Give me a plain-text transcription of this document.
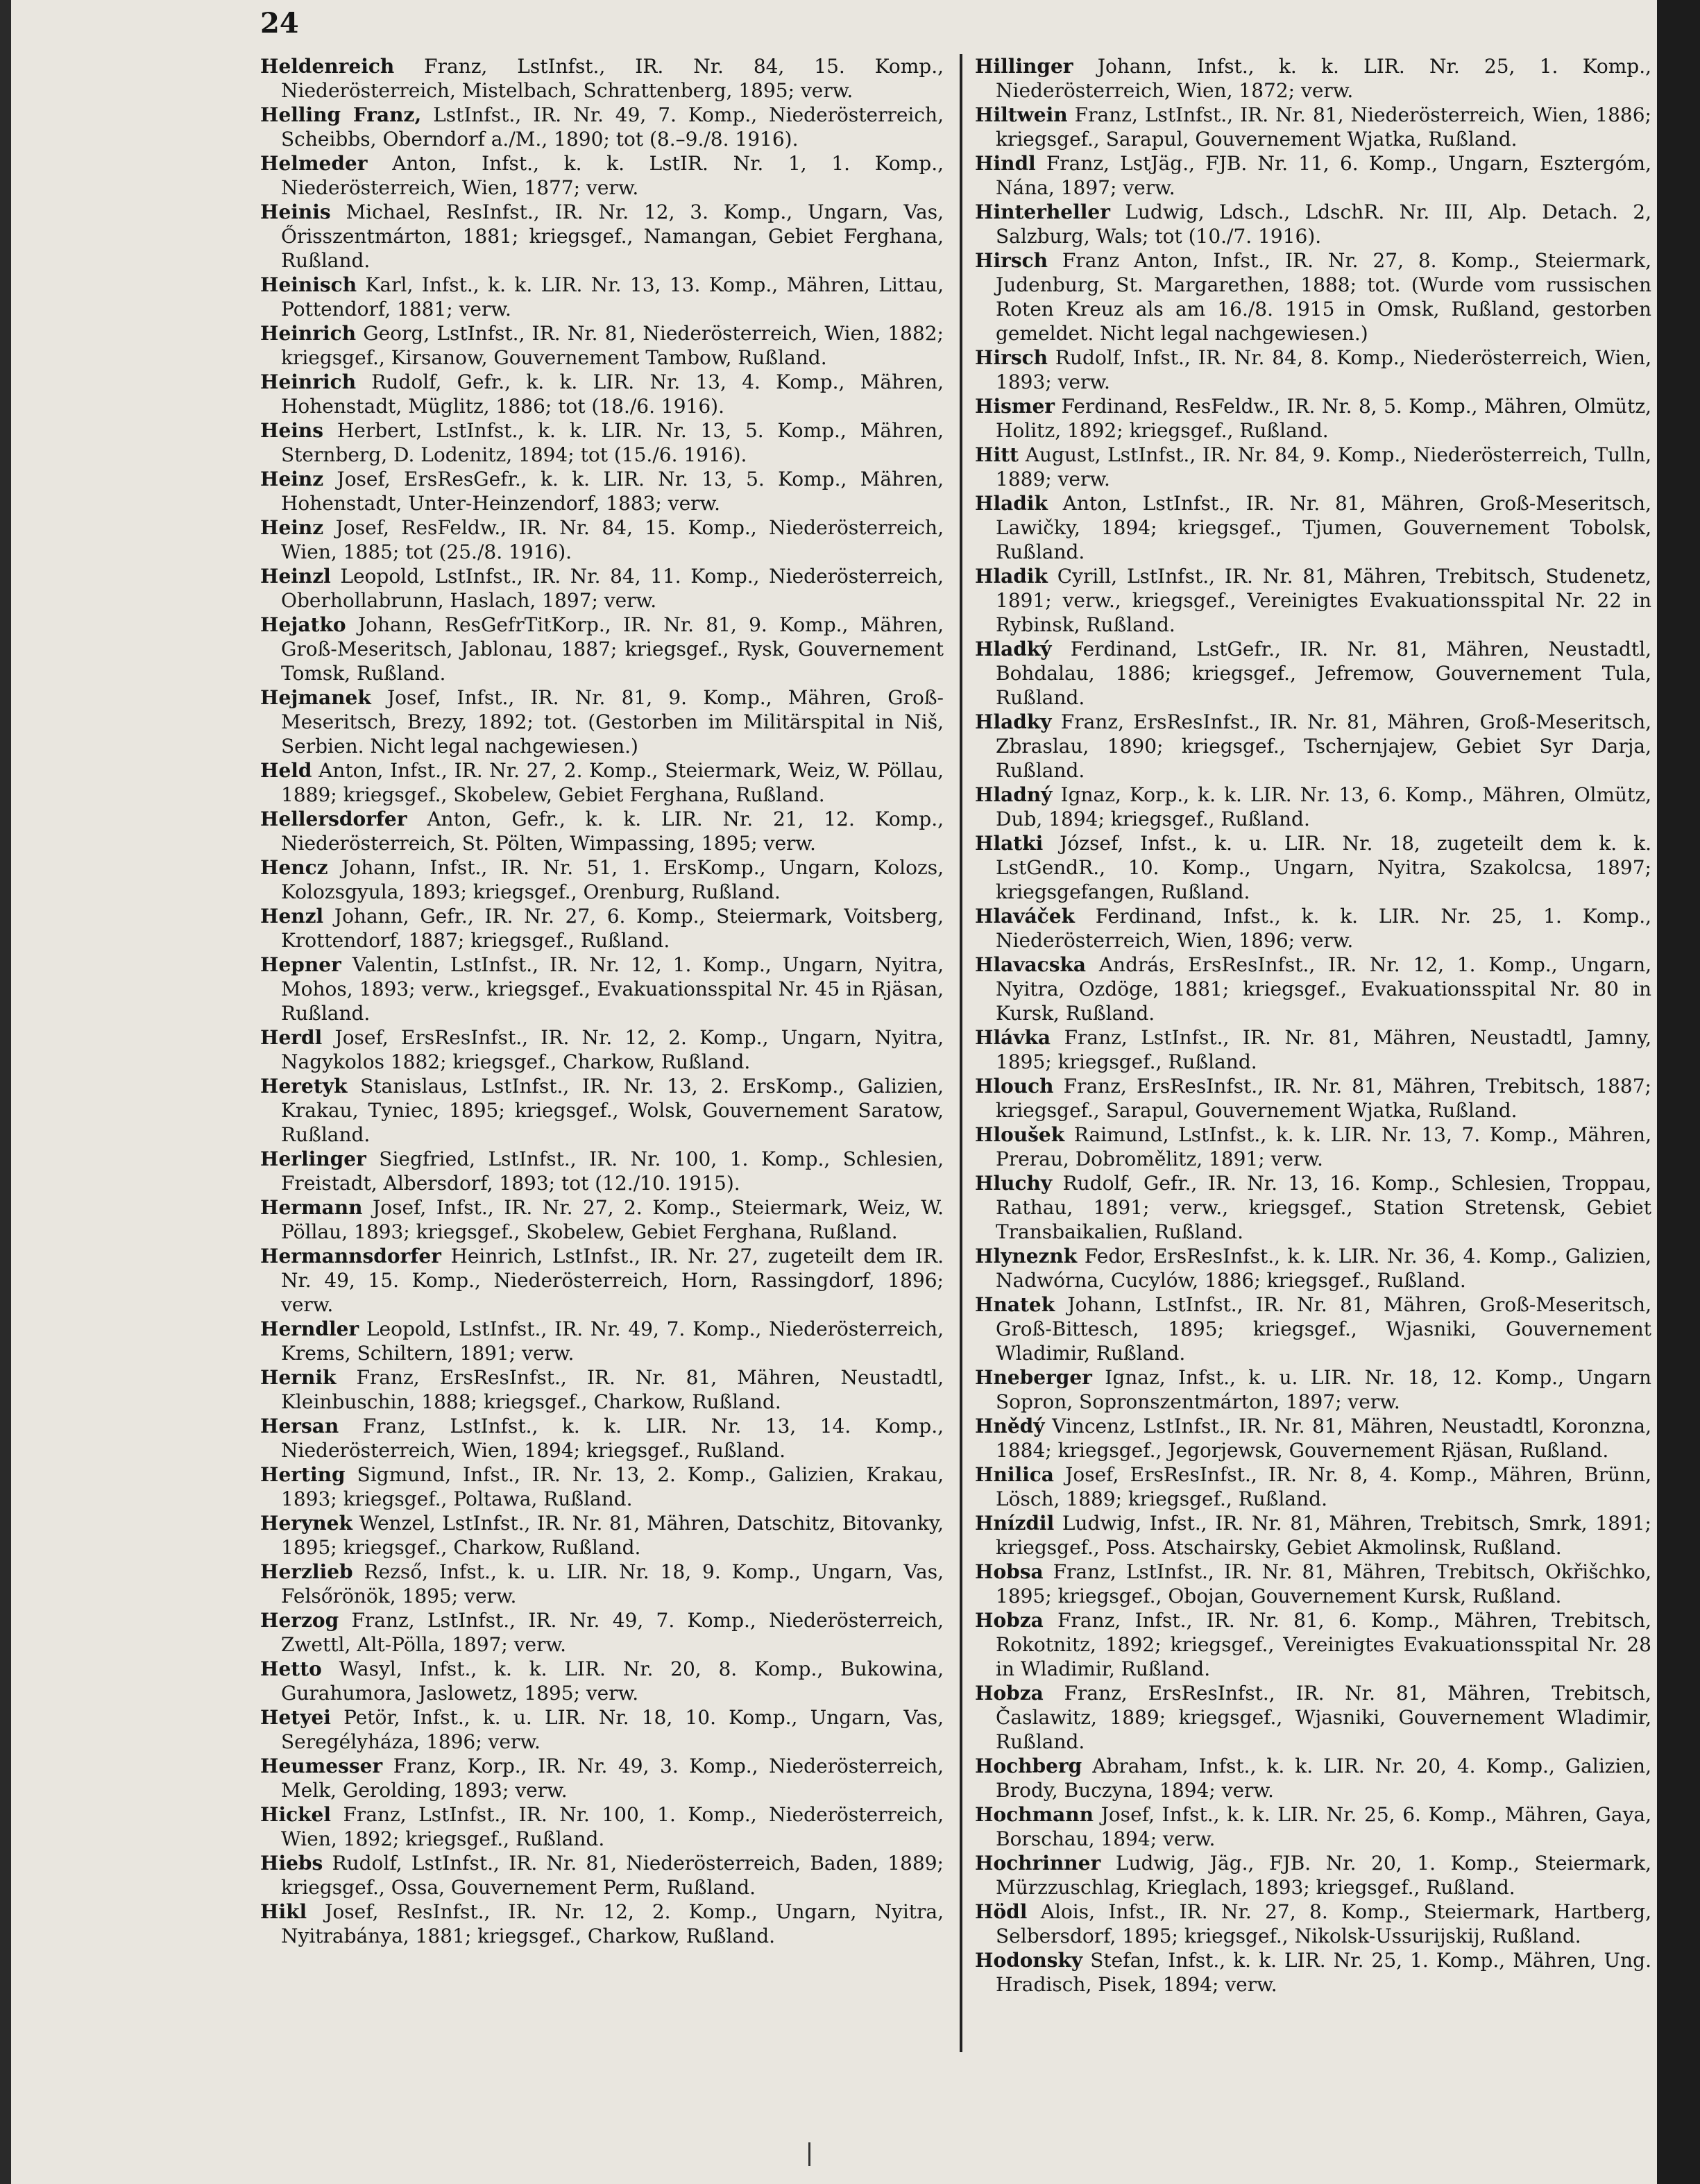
24

Heldenreich Franz, LstInfst., IR. Nr. 84, 15. Komp., Niederösterreich, Mistelbach, Schrattenberg, 1895; verw.

Helling Franz, LstInfst., IR. Nr. 49, 7. Komp., Niederösterreich, Scheibbs, Oberndorf a./M., 1890; tot (8.–9./8. 1916).

Helmeder Anton, Infst., k. k. LstIR. Nr. 1, 1. Komp., Niederösterreich, Wien, 1877; verw.

Heinis Michael, ResInfst., IR. Nr. 12, 3. Komp., Ungarn, Vas, Őrisszentmárton, 1881; kriegsgef., Namangan, Gebiet Ferghana, Rußland.

Heinisch Karl, Infst., k. k. LIR. Nr. 13, 13. Komp., Mähren, Littau, Pottendorf, 1881; verw.

Heinrich Georg, LstInfst., IR. Nr. 81, Niederösterreich, Wien, 1882; kriegsgef., Kirsanow, Gouvernement Tambow, Rußland.

Heinrich Rudolf, Gefr., k. k. LIR. Nr. 13, 4. Komp., Mähren, Hohenstadt, Müglitz, 1886; tot (18./6. 1916).

Heins Herbert, LstInfst., k. k. LIR. Nr. 13, 5. Komp., Mähren, Sternberg, D. Lodenitz, 1894; tot (15./6. 1916).

Heinz Josef, ErsResGefr., k. k. LIR. Nr. 13, 5. Komp., Mähren, Hohenstadt, Unter-Heinzendorf, 1883; verw.

Heinz Josef, ResFeldw., IR. Nr. 84, 15. Komp., Niederösterreich, Wien, 1885; tot (25./8. 1916).

Heinzl Leopold, LstInfst., IR. Nr. 84, 11. Komp., Niederösterreich, Oberhollabrunn, Haslach, 1897; verw.

Hejatko Johann, ResGefrTitKorp., IR. Nr. 81, 9. Komp., Mähren, Groß-Meseritsch, Jablonau, 1887; kriegsgef., Rysk, Gouvernement Tomsk, Rußland.

Hejmanek Josef, Infst., IR. Nr. 81, 9. Komp., Mähren, Groß-Meseritsch, Brezy, 1892; tot. (Gestorben im Militärspital in Niš, Serbien. Nicht legal nachgewiesen.)

Held Anton, Infst., IR. Nr. 27, 2. Komp., Steiermark, Weiz, W. Pöllau, 1889; kriegsgef., Skobelew, Gebiet Ferghana, Rußland.

Hellersdorfer Anton, Gefr., k. k. LIR. Nr. 21, 12. Komp., Niederösterreich, St. Pölten, Wimpassing, 1895; verw.

Hencz Johann, Infst., IR. Nr. 51, 1. ErsKomp., Ungarn, Kolozs, Kolozsgyula, 1893; kriegsgef., Orenburg, Rußland.

Henzl Johann, Gefr., IR. Nr. 27, 6. Komp., Steiermark, Voitsberg, Krottendorf, 1887; kriegsgef., Rußland.

Hepner Valentin, LstInfst., IR. Nr. 12, 1. Komp., Ungarn, Nyitra, Mohos, 1893; verw., kriegsgef., Evakuationsspital Nr. 45 in Rjäsan, Rußland.

Herdl Josef, ErsResInfst., IR. Nr. 12, 2. Komp., Ungarn, Nyitra, Nagykolos 1882; kriegsgef., Charkow, Rußland.

Heretyk Stanislaus, LstInfst., IR. Nr. 13, 2. ErsKomp., Galizien, Krakau, Tyniec, 1895; kriegsgef., Wolsk, Gouvernement Saratow, Rußland.

Herlinger Siegfried, LstInfst., IR. Nr. 100, 1. Komp., Schlesien, Freistadt, Albersdorf, 1893; tot (12./10. 1915).

Hermann Josef, Infst., IR. Nr. 27, 2. Komp., Steiermark, Weiz, W. Pöllau, 1893; kriegsgef., Skobelew, Gebiet Ferghana, Rußland.

Hermannsdorfer Heinrich, LstInfst., IR. Nr. 27, zugeteilt dem IR. Nr. 49, 15. Komp., Niederösterreich, Horn, Rassingdorf, 1896; verw.

Herndler Leopold, LstInfst., IR. Nr. 49, 7. Komp., Niederösterreich, Krems, Schiltern, 1891; verw.

Hernik Franz, ErsResInfst., IR. Nr. 81, Mähren, Neustadtl, Kleinbuschin, 1888; kriegsgef., Charkow, Rußland.

Hersan Franz, LstInfst., k. k. LIR. Nr. 13, 14. Komp., Niederösterreich, Wien, 1894; kriegsgef., Rußland.

Herting Sigmund, Infst., IR. Nr. 13, 2. Komp., Galizien, Krakau, 1893; kriegsgef., Poltawa, Rußland.

Herynek Wenzel, LstInfst., IR. Nr. 81, Mähren, Datschitz, Bitovanky, 1895; kriegsgef., Charkow, Rußland.

Herzlieb Rezső, Infst., k. u. LIR. Nr. 18, 9. Komp., Ungarn, Vas, Felsőrönök, 1895; verw.

Herzog Franz, LstInfst., IR. Nr. 49, 7. Komp., Niederösterreich, Zwettl, Alt-Pölla, 1897; verw.

Hetto Wasyl, Infst., k. k. LIR. Nr. 20, 8. Komp., Bukowina, Gurahumora, Jaslowetz, 1895; verw.

Hetyei Petör, Infst., k. u. LIR. Nr. 18, 10. Komp., Ungarn, Vas, Seregélyháza, 1896; verw.

Heumesser Franz, Korp., IR. Nr. 49, 3. Komp., Niederösterreich, Melk, Gerolding, 1893; verw.

Hickel Franz, LstInfst., IR. Nr. 100, 1. Komp., Niederösterreich, Wien, 1892; kriegsgef., Rußland.

Hiebs Rudolf, LstInfst., IR. Nr. 81, Niederösterreich, Baden, 1889; kriegsgef., Ossa, Gouvernement Perm, Rußland.

Hikl Josef, ResInfst., IR. Nr. 12, 2. Komp., Ungarn, Nyitra, Nyitrabánya, 1881; kriegsgef., Charkow, Rußland.

Hillinger Johann, Infst., k. k. LIR. Nr. 25, 1. Komp., Niederösterreich, Wien, 1872; verw.

Hiltwein Franz, LstInfst., IR. Nr. 81, Niederösterreich, Wien, 1886; kriegsgef., Sarapul, Gouvernement Wjatka, Rußland.

Hindl Franz, LstJäg., FJB. Nr. 11, 6. Komp., Ungarn, Esztergóm, Nána, 1897; verw.

Hinterheller Ludwig, Ldsch., LdschR. Nr. III, Alp. Detach. 2, Salzburg, Wals; tot (10./7. 1916).

Hirsch Franz Anton, Infst., IR. Nr. 27, 8. Komp., Steiermark, Judenburg, St. Margarethen, 1888; tot. (Wurde vom russischen Roten Kreuz als am 16./8. 1915 in Omsk, Rußland, gestorben gemeldet. Nicht legal nachgewiesen.)

Hirsch Rudolf, Infst., IR. Nr. 84, 8. Komp., Niederösterreich, Wien, 1893; verw.

Hismer Ferdinand, ResFeldw., IR. Nr. 8, 5. Komp., Mähren, Olmütz, Holitz, 1892; kriegsgef., Rußland.

Hitt August, LstInfst., IR. Nr. 84, 9. Komp., Niederösterreich, Tulln, 1889; verw.

Hladik Anton, LstInfst., IR. Nr. 81, Mähren, Groß-Meseritsch, Lawičky, 1894; kriegsgef., Tjumen, Gouvernement Tobolsk, Rußland.

Hladik Cyrill, LstInfst., IR. Nr. 81, Mähren, Trebitsch, Studenetz, 1891; verw., kriegsgef., Vereinigtes Evakuationsspital Nr. 22 in Rybinsk, Rußland.

Hladký Ferdinand, LstGefr., IR. Nr. 81, Mähren, Neustadtl, Bohdalau, 1886; kriegsgef., Jefremow, Gouvernement Tula, Rußland.

Hladky Franz, ErsResInfst., IR. Nr. 81, Mähren, Groß-Meseritsch, Zbraslau, 1890; kriegsgef., Tschernjajew, Gebiet Syr Darja, Rußland.

Hladný Ignaz, Korp., k. k. LIR. Nr. 13, 6. Komp., Mähren, Olmütz, Dub, 1894; kriegsgef., Rußland.

Hlatki József, Infst., k. u. LIR. Nr. 18, zugeteilt dem k. k. LstGendR., 10. Komp., Ungarn, Nyitra, Szakolcsa, 1897; kriegsgefangen, Rußland.

Hlaváček Ferdinand, Infst., k. k. LIR. Nr. 25, 1. Komp., Niederösterreich, Wien, 1896; verw.

Hlavacska András, ErsResInfst., IR. Nr. 12, 1. Komp., Ungarn, Nyitra, Ozdöge, 1881; kriegsgef., Evakuationsspital Nr. 80 in Kursk, Rußland.

Hlávka Franz, LstInfst., IR. Nr. 81, Mähren, Neustadtl, Jamny, 1895; kriegsgef., Rußland.

Hlouch Franz, ErsResInfst., IR. Nr. 81, Mähren, Trebitsch, 1887; kriegsgef., Sarapul, Gouvernement Wjatka, Rußland.

Hloušek Raimund, LstInfst., k. k. LIR. Nr. 13, 7. Komp., Mähren, Prerau, Dobromělitz, 1891; verw.

Hluchy Rudolf, Gefr., IR. Nr. 13, 16. Komp., Schlesien, Troppau, Rathau, 1891; verw., kriegsgef., Station Stretensk, Gebiet Transbaikalien, Rußland.

Hlyneznk Fedor, ErsResInfst., k. k. LIR. Nr. 36, 4. Komp., Galizien, Nadwórna, Cucylów, 1886; kriegsgef., Rußland.

Hnatek Johann, LstInfst., IR. Nr. 81, Mähren, Groß-Meseritsch, Groß-Bittesch, 1895; kriegsgef., Wjasniki, Gouvernement Wladimir, Rußland.

Hneberger Ignaz, Infst., k. u. LIR. Nr. 18, 12. Komp., Ungarn Sopron, Sopronszentmárton, 1897; verw.

Hnědý Vincenz, LstInfst., IR. Nr. 81, Mähren, Neustadtl, Koronzna, 1884; kriegsgef., Jegorjewsk, Gouvernement Rjäsan, Rußland.

Hnilica Josef, ErsResInfst., IR. Nr. 8, 4. Komp., Mähren, Brünn, Lösch, 1889; kriegsgef., Rußland.

Hnízdil Ludwig, Infst., IR. Nr. 81, Mähren, Trebitsch, Smrk, 1891; kriegsgef., Poss. Atschairsky, Gebiet Akmolinsk, Rußland.

Hobsa Franz, LstInfst., IR. Nr. 81, Mähren, Trebitsch, Okřišchko, 1895; kriegsgef., Obojan, Gouvernement Kursk, Rußland.

Hobza Franz, Infst., IR. Nr. 81, 6. Komp., Mähren, Trebitsch, Rokotnitz, 1892; kriegsgef., Vereinigtes Evakuationsspital Nr. 28 in Wladimir, Rußland.

Hobza Franz, ErsResInfst., IR. Nr. 81, Mähren, Trebitsch, Časlawitz, 1889; kriegsgef., Wjasniki, Gouvernement Wladimir, Rußland.

Hochberg Abraham, Infst., k. k. LIR. Nr. 20, 4. Komp., Galizien, Brody, Buczyna, 1894; verw.

Hochmann Josef, Infst., k. k. LIR. Nr. 25, 6. Komp., Mähren, Gaya, Borschau, 1894; verw.

Hochrinner Ludwig, Jäg., FJB. Nr. 20, 1. Komp., Steiermark, Mürzzuschlag, Krieglach, 1893; kriegsgef., Rußland.

Hödl Alois, Infst., IR. Nr. 27, 8. Komp., Steiermark, Hartberg, Selbersdorf, 1895; kriegsgef., Nikolsk-Ussurijskij, Rußland.

Hodonsky Stefan, Infst., k. k. LIR. Nr. 25, 1. Komp., Mähren, Ung. Hradisch, Pisek, 1894; verw.
